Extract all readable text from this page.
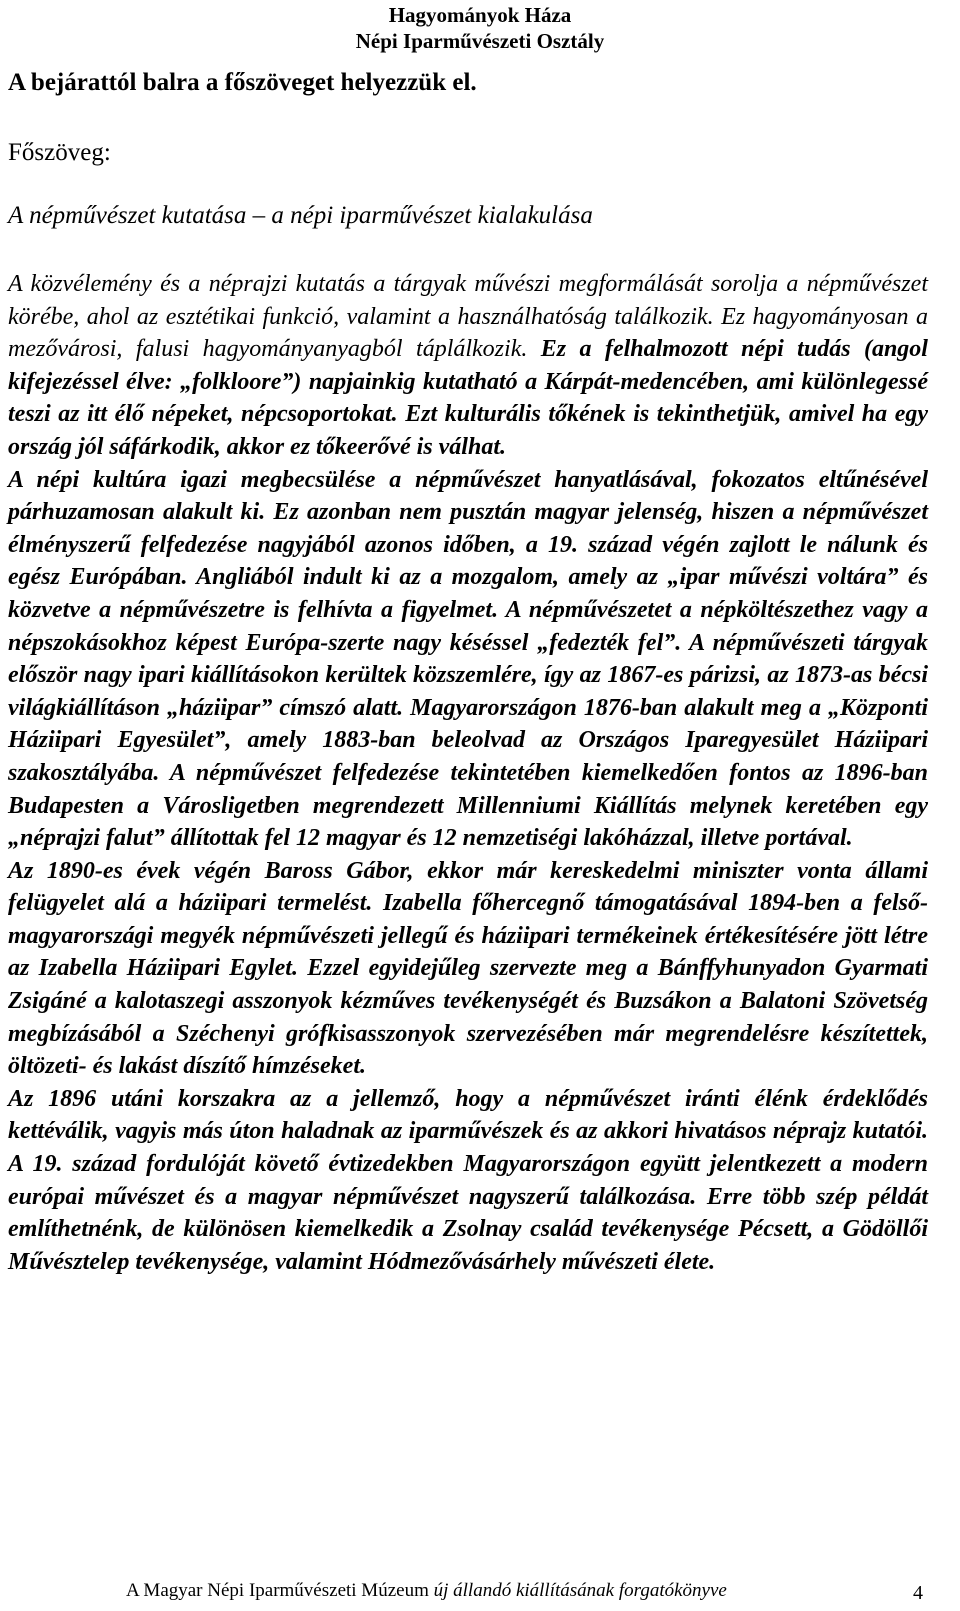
Hagyományok Háza
Népi Iparművészeti Osztály
A bejárattól balra a főszöveget helyezzük el.
Főszöveg:
A népművészet kutatása – a népi iparművészet kialakulása

A közvélemény és a néprajzi kutatás a tárgyak művészi megformálását sorolja a népművészet körébe, ahol az esztétikai funkció, valamint a használhatóság találkozik. Ez hagyományosan a mezővárosi, falusi hagyományanyagból táplálkozik. Ez a felhalmozott népi tudás (angol kifejezéssel élve: „folkloore”) napjainkig kutatható a Kárpát-medencében, ami különlegessé teszi az itt élő népeket, népcsoportokat. Ezt kulturális tőkének is tekinthetjük, amivel ha egy ország jól sáfárkodik, akkor ez tőkeerővé is válhat.

A népi kultúra igazi megbecsülése a népművészet hanyatlásával, fokozatos eltűnésével párhuzamosan alakult ki. Ez azonban nem pusztán magyar jelenség, hiszen a népművészet élményszerű felfedezése nagyjából azonos időben, a 19. század végén zajlott le nálunk és egész Európában. Angliából indult ki az a mozgalom, amely az „ipar művészi voltára” és közvetve a népművészetre is felhívta a figyelmet. A népművészetet a népköltészethez vagy a népszokásokhoz képest Európa-szerte nagy késéssel „fedezték fel”. A népművészeti tárgyak először nagy ipari kiállításokon kerültek közszemlére, így az 1867-es párizsi, az 1873-as bécsi világkiállításon „háziipar” címszó alatt. Magyarországon 1876-ban alakult meg a „Központi Háziipari Egyesület”, amely 1883-ban beleolvad az Országos Iparegyesület Háziipari szakosztályába. A népművészet felfedezése tekintetében kiemelkedően fontos az 1896-ban Budapesten a Városligetben megrendezett Millenniumi Kiállítás melynek keretében egy „néprajzi falut” állítottak fel 12 magyar és 12 nemzetiségi lakóházzal, illetve portával.

Az 1890-es évek végén Baross Gábor, ekkor már kereskedelmi miniszter vonta állami felügyelet alá a háziipari termelést. Izabella főhercegnő támogatásával 1894-ben a felső-magyarországi megyék népművészeti jellegű és háziipari termékeinek értékesítésére jött létre az Izabella Háziipari Egylet. Ezzel egyidejűleg szervezte meg a Bánffyhunyadon Gyarmati Zsigáné a kalotaszegi asszonyok kézműves tevékenységét és Buzsákon a Balatoni Szövetség megbízásából a Széchenyi grófkisasszonyok szervezésében már megrendelésre készítettek, öltözeti- és lakást díszítő hímzéseket.

Az 1896 utáni korszakra az a jellemző, hogy a népművészet iránti élénk érdeklődés kettéválik, vagyis más úton haladnak az iparművészek és az akkori hivatásos néprajz kutatói. A 19. század fordulóját követő évtizedekben Magyarországon együtt jelentkezett a modern európai művészet és a magyar népművészet nagyszerű találkozása. Erre több szép példát említhetnénk, de különösen kiemelkedik a Zsolnay család tevékenysége Pécsett, a Gödöllői Művésztelep tevékenysége, valamint Hódmezővásárhely művészeti élete.

A Magyar Népi Iparművészeti Múzeum új állandó kiállításának forgatókönyve	4
